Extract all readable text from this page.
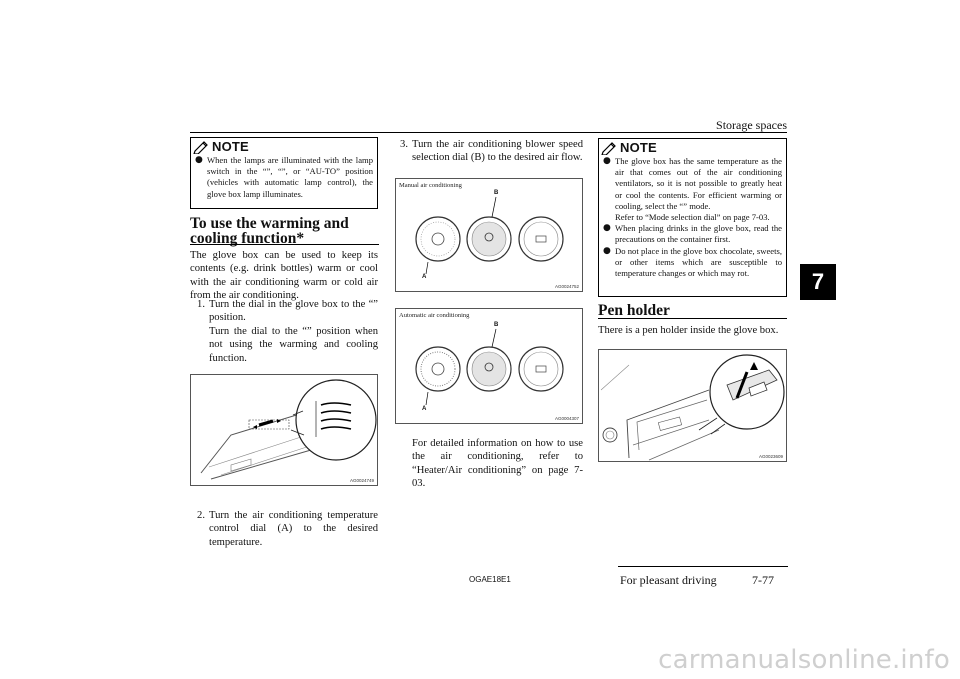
Storage spaces
7
NOTE
● When the lamps are illuminated with the lamp switch in the “”, “”, or “AU-TO” position (vehicles with automatic lamp control), the glove box lamp illuminates.
To use the warming and cooling function*
The glove box can be used to keep its contents (e.g. drink bottles) warm or cool with the air conditioning warm or cold air from the air conditioning.
1. Turn the dial in the glove box to the “” position.
Turn the dial to the “” position when not using the warming and cooling function.
AG0024749
2. Turn the air conditioning temperature control dial (A) to the desired temperature.
3. Turn the air conditioning blower speed selection dial (B) to the desired air flow.
Manual air conditioning
A
B
AG0024752
Automatic air conditioning
A
B
AG0004307
For detailed information on how to use the air conditioning, refer to “Heater/Air conditioning” on page 7-03.
NOTE
● The glove box has the same temperature as the air that comes out of the air conditioning ventilators, so it is not possible to greatly heat or cool the contents. For efficient warming or cooling, select the “” mode.
Refer to “Mode selection dial” on page 7-03.
● When placing drinks in the glove box, read the precautions on the container first.
● Do not place in the glove box chocolate, sweets, or other items which are susceptible to temperature changes or which may rot.
Pen holder
There is a pen holder inside the glove box.
AG0023609
OGAE18E1	For pleasant driving	7-77
carmanualsonline.info
